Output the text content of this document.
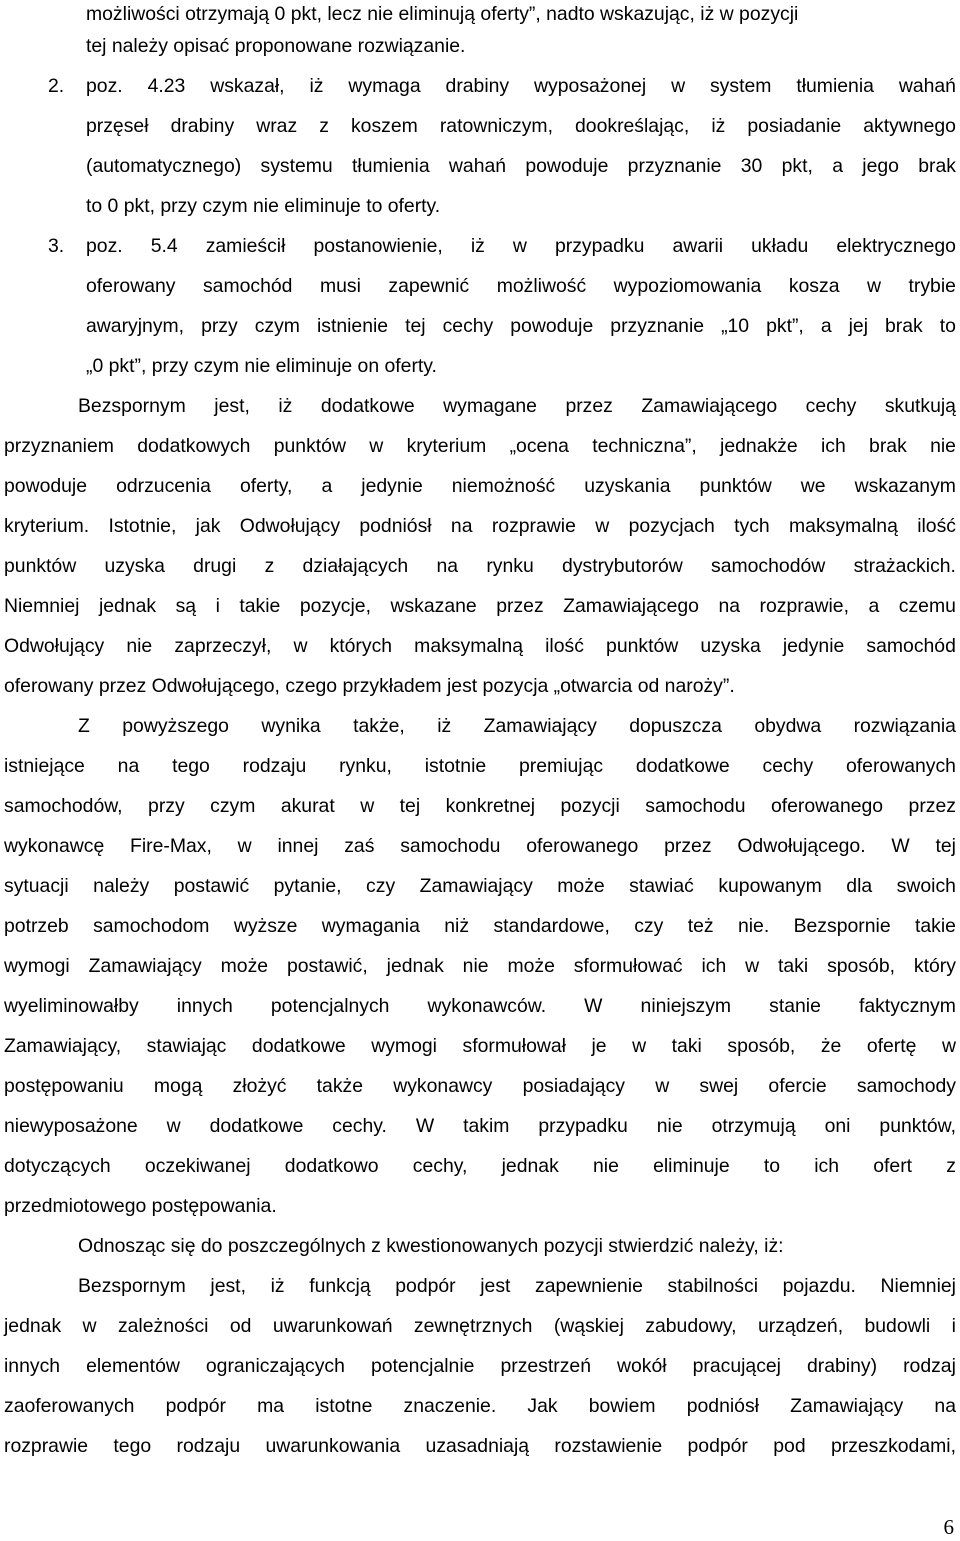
możliwości otrzymają 0 pkt, lecz nie eliminują oferty”, nadto wskazując, iż w pozycji
tej należy opisać proponowane rozwiązanie.
2. poz. 4.23 wskazał, iż wymaga drabiny wyposażonej w system tłumienia wahań
przęseł drabiny wraz z koszem ratowniczym, dookreślając, iż posiadanie aktywnego
(automatycznego) systemu tłumienia wahań powoduje przyznanie 30 pkt, a jego brak
to 0 pkt, przy czym nie eliminuje to oferty.
3. poz. 5.4 zamieścił postanowienie, iż w przypadku awarii układu elektrycznego
oferowany samochód musi zapewnić możliwość wypoziomowania kosza w trybie
awaryjnym, przy czym istnienie tej cechy powoduje przyznanie „10 pkt”, a jej brak to
„0 pkt”, przy czym nie eliminuje on oferty.
Bezspornym jest, iż dodatkowe wymagane przez Zamawiającego cechy skutkują
przyznaniem dodatkowych punktów w kryterium „ocena techniczna”, jednakże ich brak nie
powoduje odrzucenia oferty, a jedynie niemożność uzyskania punktów we wskazanym
kryterium. Istotnie, jak Odwołujący podniósł na rozprawie w pozycjach tych maksymalną ilość
punktów uzyska drugi z działających na rynku dystrybutorów samochodów strażackich.
Niemniej jednak są i takie pozycje, wskazane przez Zamawiającego na rozprawie, a czemu
Odwołujący nie zaprzeczył, w których maksymalną ilość punktów uzyska jedynie samochód
oferowany przez Odwołującego, czego przykładem jest pozycja „otwarcia od naroży”.
Z powyższego wynika także, iż Zamawiający dopuszcza obydwa rozwiązania
istniejące na tego rodzaju rynku, istotnie premiując dodatkowe cechy oferowanych
samochodów, przy czym akurat w tej konkretnej pozycji samochodu oferowanego przez
wykonawcę Fire-Max, w innej zaś samochodu oferowanego przez Odwołującego. W tej
sytuacji należy postawić pytanie, czy Zamawiający może stawiać kupowanym dla swoich
potrzeb samochodom wyższe wymagania niż standardowe, czy też nie. Bezspornie takie
wymogi Zamawiający może postawić, jednak nie może sformułować ich w taki sposób, który
wyeliminowałby innych potencjalnych wykonawców. W niniejszym stanie faktycznym
Zamawiający, stawiając dodatkowe wymogi sformułował je w taki sposób, że ofertę w
postępowaniu mogą złożyć także wykonawcy posiadający w swej ofercie samochody
niewyposażone w dodatkowe cechy. W takim przypadku nie otrzymują oni punktów,
dotyczących oczekiwanej dodatkowo cechy, jednak nie eliminuje to ich ofert z
przedmiotowego postępowania.
Odnosząc się do poszczególnych z kwestionowanych pozycji stwierdzić należy, iż:
Bezspornym jest, iż funkcją podpór jest zapewnienie stabilności pojazdu. Niemniej
jednak w zależności od uwarunkowań zewnętrznych (wąskiej zabudowy, urządzeń, budowli i
innych elementów ograniczających potencjalnie przestrzeń wokół pracującej drabiny) rodzaj
zaoferowanych podpór ma istotne znaczenie. Jak bowiem podniósł Zamawiający na
rozprawie tego rodzaju uwarunkowania uzasadniają rozstawienie podpór pod przeszkodami,
6
